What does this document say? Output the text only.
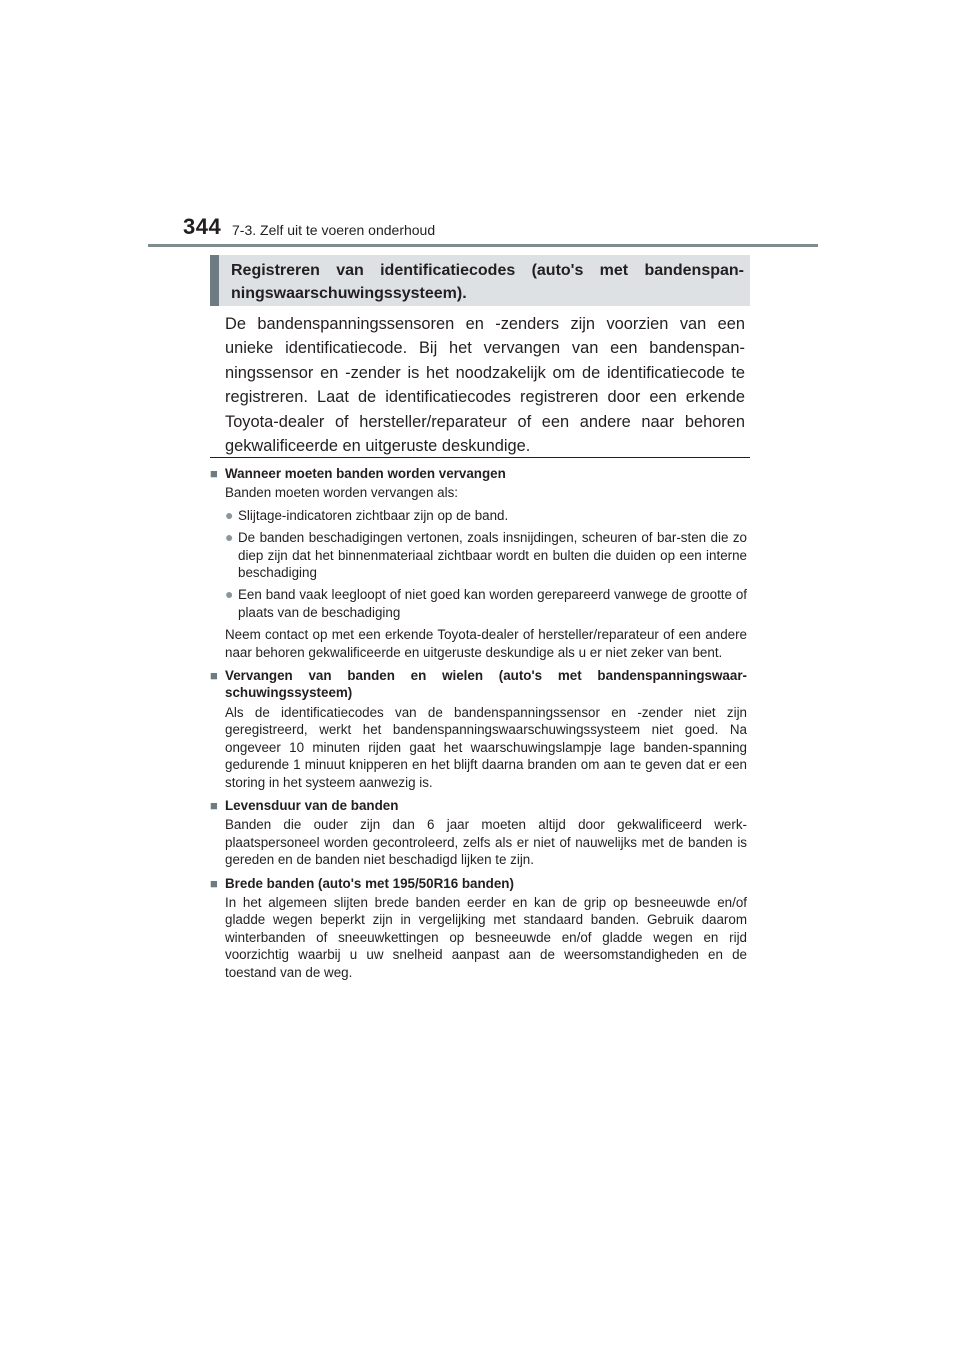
344 7-3. Zelf uit te voeren onderhoud
Registreren van identificatiecodes (auto's met bandenspan-ningswaarschuwingssysteem).

De bandenspanningssensoren en -zenders zijn voorzien van een unieke identificatiecode. Bij het vervangen van een bandenspan-ningssensor en -zender is het noodzakelijk om de identificatiecode te registreren. Laat de identificatiecodes registreren door een erkende Toyota-dealer of hersteller/reparateur of een andere naar behoren gekwalificeerde en uitgeruste deskundige.

■ Wanneer moeten banden worden vervangen

Banden moeten worden vervangen als:

● Slijtage-indicatoren zichtbaar zijn op de band.
● De banden beschadigingen vertonen, zoals insnijdingen, scheuren of bar-sten die zo diep zijn dat het binnenmateriaal zichtbaar wordt en bulten die duiden op een interne beschadiging
● Een band vaak leegloopt of niet goed kan worden gerepareerd vanwege de grootte of plaats van de beschadiging

Neem contact op met een erkende Toyota-dealer of hersteller/reparateur of een andere naar behoren gekwalificeerde en uitgeruste deskundige als u er niet zeker van bent.

■ Vervangen van banden en wielen (auto's met bandenspanningswaar-schuwingssysteem)

Als de identificatiecodes van de bandenspanningssensor en -zender niet zijn geregistreerd, werkt het bandenspanningswaarschuwingssysteem niet goed. Na ongeveer 10 minuten rijden gaat het waarschuwingslampje lage banden-spanning gedurende 1 minuut knipperen en het blijft daarna branden om aan te geven dat er een storing in het systeem aanwezig is.

■ Levensduur van de banden

Banden die ouder zijn dan 6 jaar moeten altijd door gekwalificeerd werk-plaatspersoneel worden gecontroleerd, zelfs als er niet of nauwelijks met de banden is gereden en de banden niet beschadigd lijken te zijn.

■ Brede banden (auto's met 195/50R16 banden)

In het algemeen slijten brede banden eerder en kan de grip op besneeuwde en/of gladde wegen beperkt zijn in vergelijking met standaard banden. Gebruik daarom winterbanden of sneeuwkettingen op besneeuwde en/of gladde wegen en rijd voorzichtig waarbij u uw snelheid aanpast aan de weersomstandigheden en de toestand van de weg.
